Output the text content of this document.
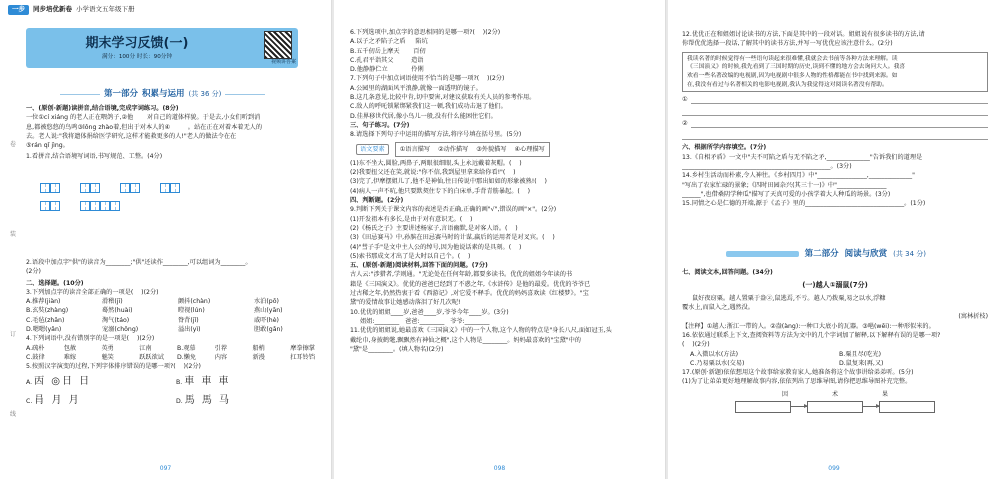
一步	同步培优新卷 小学语文五年级下册
期末学习反馈(一)
满分：100分 时长：90分钟
视频讲答案
卷
装
订
线
第一部分 积累与运用 (共 36 分)
一、(原创·新题)读拼音,结合语境,完成字词练习。(8分)
一位①cí xiáng 的老人正在喂鸽子,②他       对自己的道体样貌。于是去,小女们听到消
息,都被悠悠的鸟鸣③lǒng zhào着,但出于对本人的④         。站在正在对着本着无人的
去。老人说:"我将遗体捐给医学研究,这样才能救更多的人!"老人的做法令在在
⑤rán qǐ jìng。
1.看拼音,结合语境写词语,书写规范、工整。(4分)
2.语段中加点字"供"的读音为________;"供"还读作________,可以组词为________。
(2分)
二、选择题。(10分)
3.下列加点字的读音全部正确的一项是(    )(2分)
A.推荐(jiàn)	滑稽(jī)	颤抖(chàn)	水泊(pō)
B.玄奘(zhàng)	蓦然(huài)	瞪视(lún)	燕山(yān)
C.毛毡(zhān)	淘气(táo)	脊背(jǐ)	戚吓(hè)
D.嗯嗯(yǎn)	宠溺(chǒng)	溢出(yì)	胆敢(gǎn)
4.下列词语中,没有错别字的是一项是(    )(2分)
A.疏朴	包赦	英勇	江南	B.观慕	引荐	船梢	摩拳擦掌
C.鼓律	难嫁	魅笑	跃跃欲试	D.懒免	内容	新漫	扛耳铃铛
5.按照汉字演变的过程,下列字体排序错误的是哪一项?(    )(2分)
A. 㐁 ◎日 日	B. 車 車 車
C. 肙 月 月	D. 馬 馬 马
097
6.下列选项中,加点字的意思相同的是哪一项?(    )(2分)
A.以子之矛陷子之盾     陷坑
B.五千仞岳上摩天       百仞
C.孔君平诣其父         造诣
D.他静静伫立            伶俐
7.下列句子中加点词语使用不恰当的是哪一项?(    )(2分)
A.公园里的湖面风平浪静,就像一面透明的镜子。
B.这几条意见,比较中肯,切中要害,对建议获取有关人员的参考作用。
C.敌人的呼吒锁紧绑紧我们这一顿,我们成功击退了他们。
D.佳界移世代居,像小鸟儿一般,没有什么能困住它们。
三、句子练习。(7分)
8.请选择下列句子中运用的描写方法,将序号填在括号里。(5分)
语文要素 ①语言描写 ②动作描写 ③外貌描写 ④心理描写
(1)东不坐大,圆脸,两鼻子,两眼很细眼,头上永远戴着灰帽。(    )
(2)我要扭父还在笑,就说:"你不信,我到屋里拿来给你看!"(    )
(3)完了,伊摩摆姐儿了,他不是神仙,往日传说中那出如如的形象被熟!(    )
(4)病人一声不吭,他只要默契住专下的白床单,手背青筋暴起。(    )
四、判断题。(2分)
9.判断下列关于课文内容的表述是否正确,正确的画"√",错误的画"×"。(2分)
(1)开发祖本有多长,是由于对有意识无。(    )
(2)《杨氏之子》主要讲述杨家子,言语幽默,是对客人语。(    )
(3)《田忌赛马》中,孙膑在田忌赛马时的计谋,赢后的运用者是对叉宾。(    )
(4)"彗子手"是文中主人公的绰号,因为他说话素的是具刻。(    )
(5)索书那成文才出了是大时以自己个。(    )
五、(原创·新题)阅读材料,回答下面的问题。(7分)
古人云:"涉猎者,学则通。"无论处在任何年龄,都要多读书。优优的姐姐今年读的书
籍是《三国演义》。优优的爸爸已经到了不惑之年,《水浒传》是他的最爱。优优的爷爷已
过古稀之年,仍然热衷于看《西游记》,对它爱不释手。优优的妈妈喜欢读《红楼梦》。"宝
黛"的爱情故事让她感动落泪了好几次呢!
10.优优的姐姐____岁,爸爸____岁,爷爷今年____岁。(3分)
姐姐:________   爸爸:________   爷爷:________
11.优优的姐姐说,她最喜欢《三国演义》中的一个人物,这个人物的特点是"身长八尺,面如冠玉,头
戴纶巾,身披鹤氅,飘飘然有神仙之概",这个人物是________。妈妈最喜欢的"宝黛"中的
"黛"是________。(填人物名)(2分)
098
12.优优正在和姐姐讨论读书的方法,下面是其中的一段对话。姐姐说有很多读书的方法,请
你帮优优选择一段话,了解其中的读书方法,并写一写优优应该注意什么。(2分)
我读名著的时候觉得有一些语句读起来很难懂,我就会去书前等各种方法来理解。读
《三国演义》的时候,我先看到了三国时期的历史,读到不懂的地方会去询问大人。我喜
欢看一些名著改编的电视剧,因为电视剧中很多人物的性格都能在书中找到来源。如
在,我没有看过与名著相关的电影电视剧,我认为我觉得这对阅读名著没有帮助。
①
②
六、根据所学内容填空。(7分)
13.《自相矛盾》一文中"夫不可陷之盾与无不陷之矛,______________"告诉我们的道理是
________________________________________________。(3分)
14.乡村生活动而朴素,令人神往。《乡村四月》中"________________,______________"
"写出了农家忙碌的景象;《四时田园杂兴(其三十一)》中"________________
______",也借桑阴学种瓜"描写了天真可爱的小孩学着大人种瓜的场景。(3分)
15.同情之心是仁德的开端,源于《孟子》里的________________________________。(1分)
第二部分 阅读与欣赏 (共 34 分)
七、阅读文本,回答问题。(34分)
(一)越人①溺鼠(7分)
鼠好夜窃粟。越人置粟于盎②,鼠逃焉,不亏。越人乃拨粟,易之以水,浮糠
覆水上,而鼠入之,遇然没。
(寓林折枝)
【注释】①越人:浙江一带的人。②盎(àng):一种口大底小的瓦器。③嗈(wēi):一种形似米的。
16.依依通过联系上下文,查阅资料等方法为文中的几个字词加了解释,以下解释有误的是哪一项?
(    )(2分)
A.入微以水(方法)	B.粟且尽(吃光)
C.乃易粟以水(交易)	D.鼠复来(再,又)
17.(原创·新题)依依想用这个故事给家教育家人,她准备将这个故事讲给弟弟听。(5分)
(1)为了让弟弟更好地理解故事内容,依依列出了思维导图,请你把思维导图补充完整。
因	术	果
099
